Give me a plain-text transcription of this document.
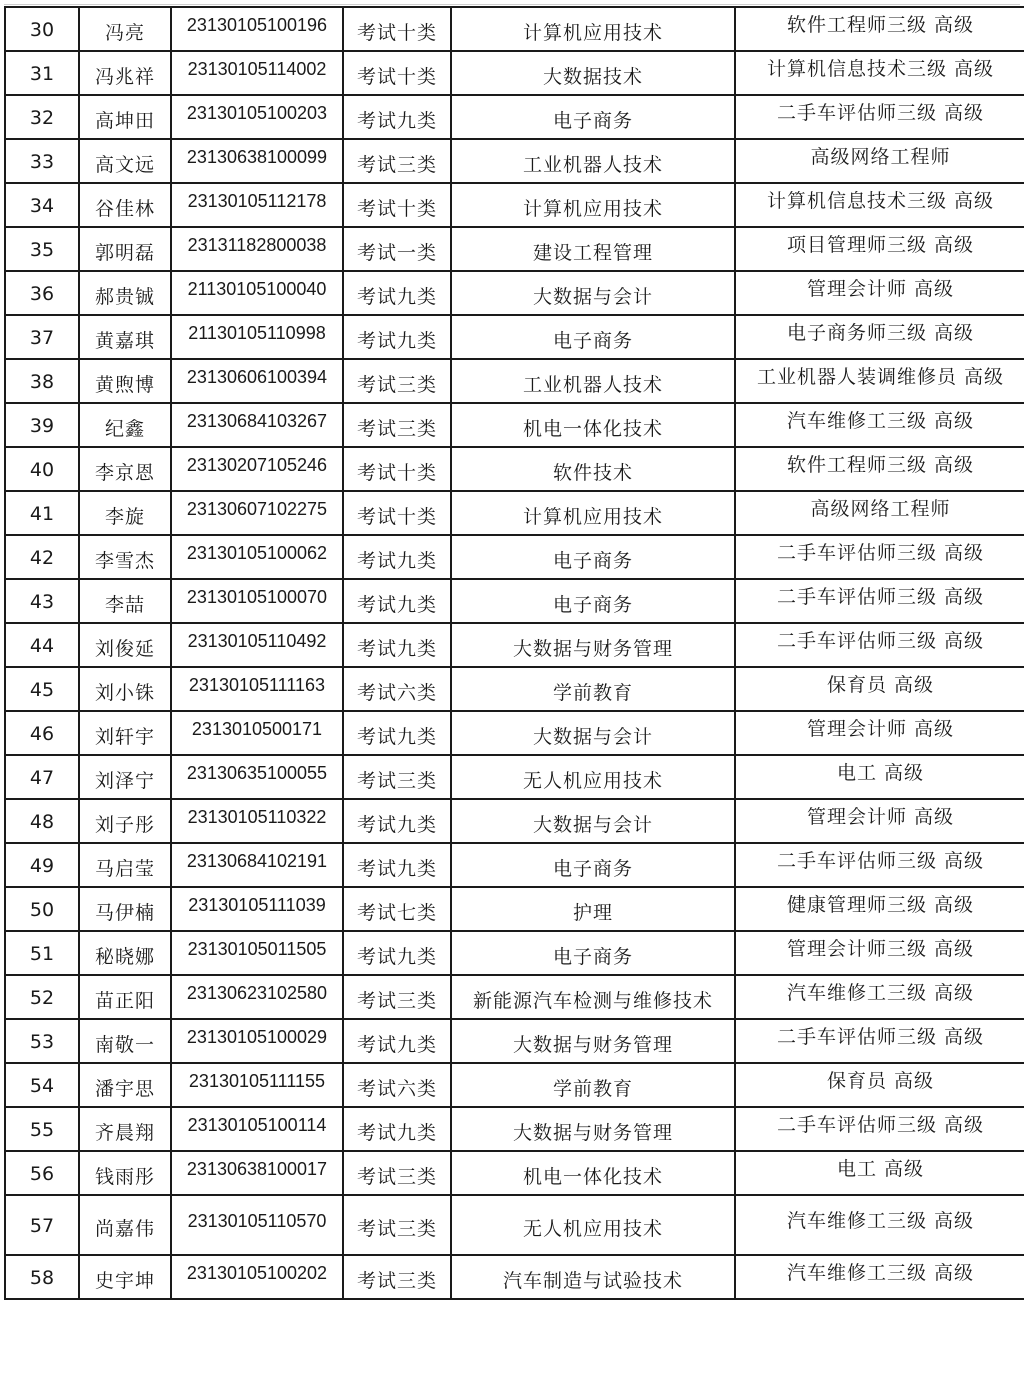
30	冯亮	23130105100196	考试十类	计算机应用技术	软件工程师三级 高级
31	冯兆祥	23130105114002	考试十类	大数据技术	计算机信息技术三级 高级
32	高坤田	23130105100203	考试九类	电子商务	二手车评估师三级 高级
33	高文远	23130638100099	考试三类	工业机器人技术	高级网络工程师
34	谷佳林	23130105112178	考试十类	计算机应用技术	计算机信息技术三级 高级
35	郭明磊	23131182800038	考试一类	建设工程管理	项目管理师三级 高级
36	郝贵铖	21130105100040	考试九类	大数据与会计	管理会计师 高级
37	黄嘉琪	21130105110998	考试九类	电子商务	电子商务师三级 高级
38	黄煦博	23130606100394	考试三类	工业机器人技术	工业机器人装调维修员 高级
39	纪鑫	23130684103267	考试三类	机电一体化技术	汽车维修工三级 高级
40	李京恩	23130207105246	考试十类	软件技术	软件工程师三级 高级
41	李旋	23130607102275	考试十类	计算机应用技术	高级网络工程师
42	李雪杰	23130105100062	考试九类	电子商务	二手车评估师三级 高级
43	李喆	23130105100070	考试九类	电子商务	二手车评估师三级 高级
44	刘俊延	23130105110492	考试九类	大数据与财务管理	二手车评估师三级 高级
45	刘小铢	23130105111163	考试六类	学前教育	保育员 高级
46	刘轩宇	2313010500171	考试九类	大数据与会计	管理会计师 高级
47	刘泽宁	23130635100055	考试三类	无人机应用技术	电工 高级
48	刘子彤	23130105110322	考试九类	大数据与会计	管理会计师 高级
49	马启莹	23130684102191	考试九类	电子商务	二手车评估师三级 高级
50	马伊楠	23130105111039	考试七类	护理	健康管理师三级 高级
51	秘晓娜	23130105011505	考试九类	电子商务	管理会计师三级 高级
52	苗正阳	23130623102580	考试三类	新能源汽车检测与维修技术	汽车维修工三级 高级
53	南敬一	23130105100029	考试九类	大数据与财务管理	二手车评估师三级 高级
54	潘宇思	23130105111155	考试六类	学前教育	保育员 高级
55	齐晨翔	23130105100114	考试九类	大数据与财务管理	二手车评估师三级 高级
56	钱雨彤	23130638100017	考试三类	机电一体化技术	电工 高级
57	尚嘉伟	23130105110570	考试三类	无人机应用技术	汽车维修工三级 高级
58	史宇坤	23130105100202	考试三类	汽车制造与试验技术	汽车维修工三级 高级
